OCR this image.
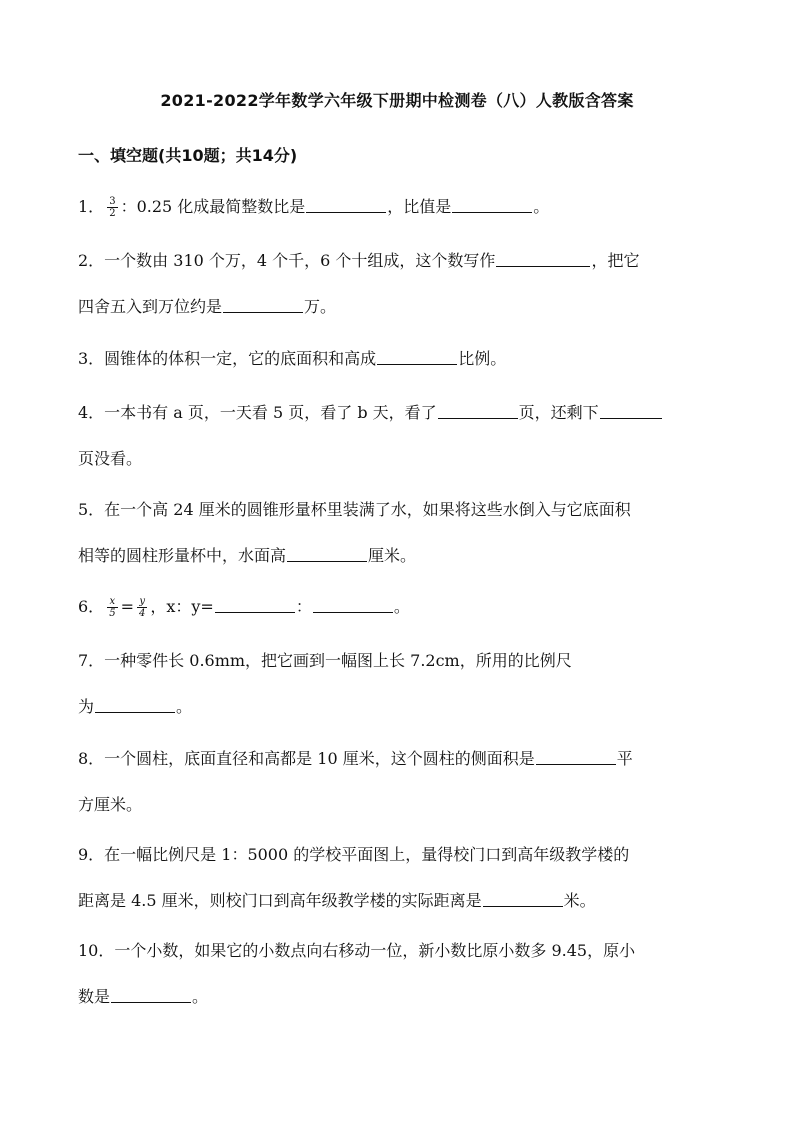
2021-2022学年数学六年级下册期中检测卷（八）人教版含答案
一、填空题(共10题；共14分)
1． $\frac{3}{2}$ ：0.25 化成最简整数比是	，比值是	。
2．一个数由 310 个万，4 个千，6 个十组成，这个数写作	，把它
四舍五入到万位约是	万。
3．圆锥体的体积一定，它的底面积和高成	比例。
4．一本书有 a 页，一天看 5 页，看了 b 天，看了	页，还剩下
页没看。
5．在一个高 24 厘米的圆锥形量杯里装满了水，如果将这些水倒入与它底面积
相等的圆柱形量杯中，水面高	厘米。
6． $\frac{x}{5} = \frac{y}{4}$ ，x：y=	：	。
7．一种零件长 0.6mm，把它画到一幅图上长 7.2cm，所用的比例尺
为	。
8．一个圆柱，底面直径和高都是 10 厘米，这个圆柱的侧面积是	平
方厘米。
9．在一幅比例尺是 1：5000 的学校平面图上，量得校门口到高年级教学楼的
距离是 4.5 厘米，则校门口到高年级教学楼的实际距离是	米。
10．一个小数，如果它的小数点向右移动一位，新小数比原小数多 9.45，原小
数是	。
